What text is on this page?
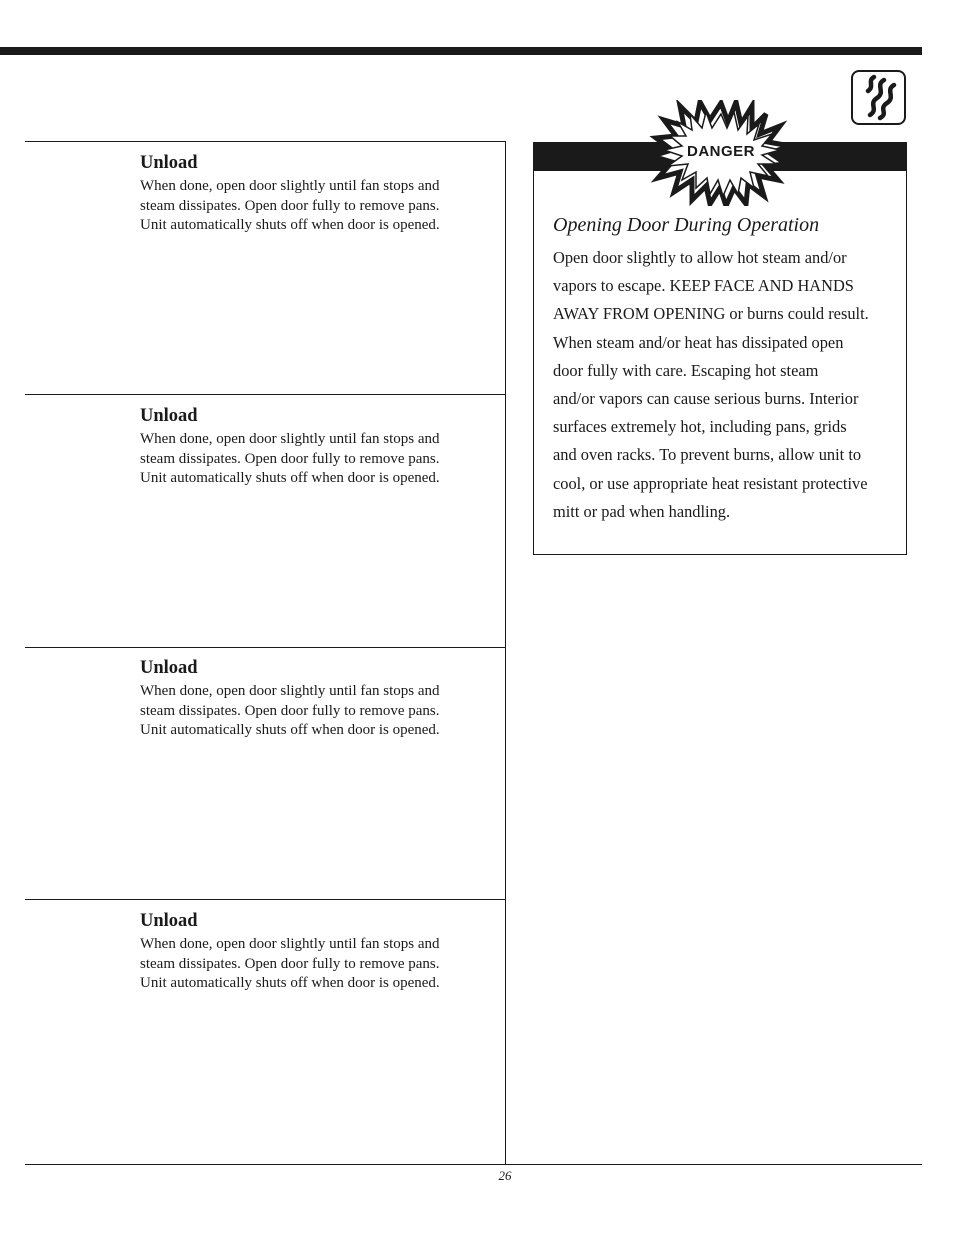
Unload

When done, open door slightly until fan stops and
steam dissipates. Open door fully to remove pans.
Unit automatically shuts off when door is opened.

Unload

When done, open door slightly until fan stops and
steam dissipates. Open door fully to remove pans.
Unit automatically shuts off when door is opened.

Unload

When done, open door slightly until fan stops and
steam dissipates. Open door fully to remove pans.
Unit automatically shuts off when door is opened.

Unload

When done, open door slightly until fan stops and
steam dissipates. Open door fully to remove pans.
Unit automatically shuts off when door is opened.

DANGER
Opening Door During Operation

Open door slightly to allow hot steam and/or
vapors to escape. KEEP FACE AND HANDS
AWAY FROM OPENING or burns could result.
When steam and/or heat has dissipated open
door fully with care. Escaping hot steam
and/or vapors can cause serious burns. Interior
surfaces extremely hot, including pans, grids
and oven racks. To prevent burns, allow unit to
cool, or use appropriate heat resistant protective
mitt or pad when handling.

26
